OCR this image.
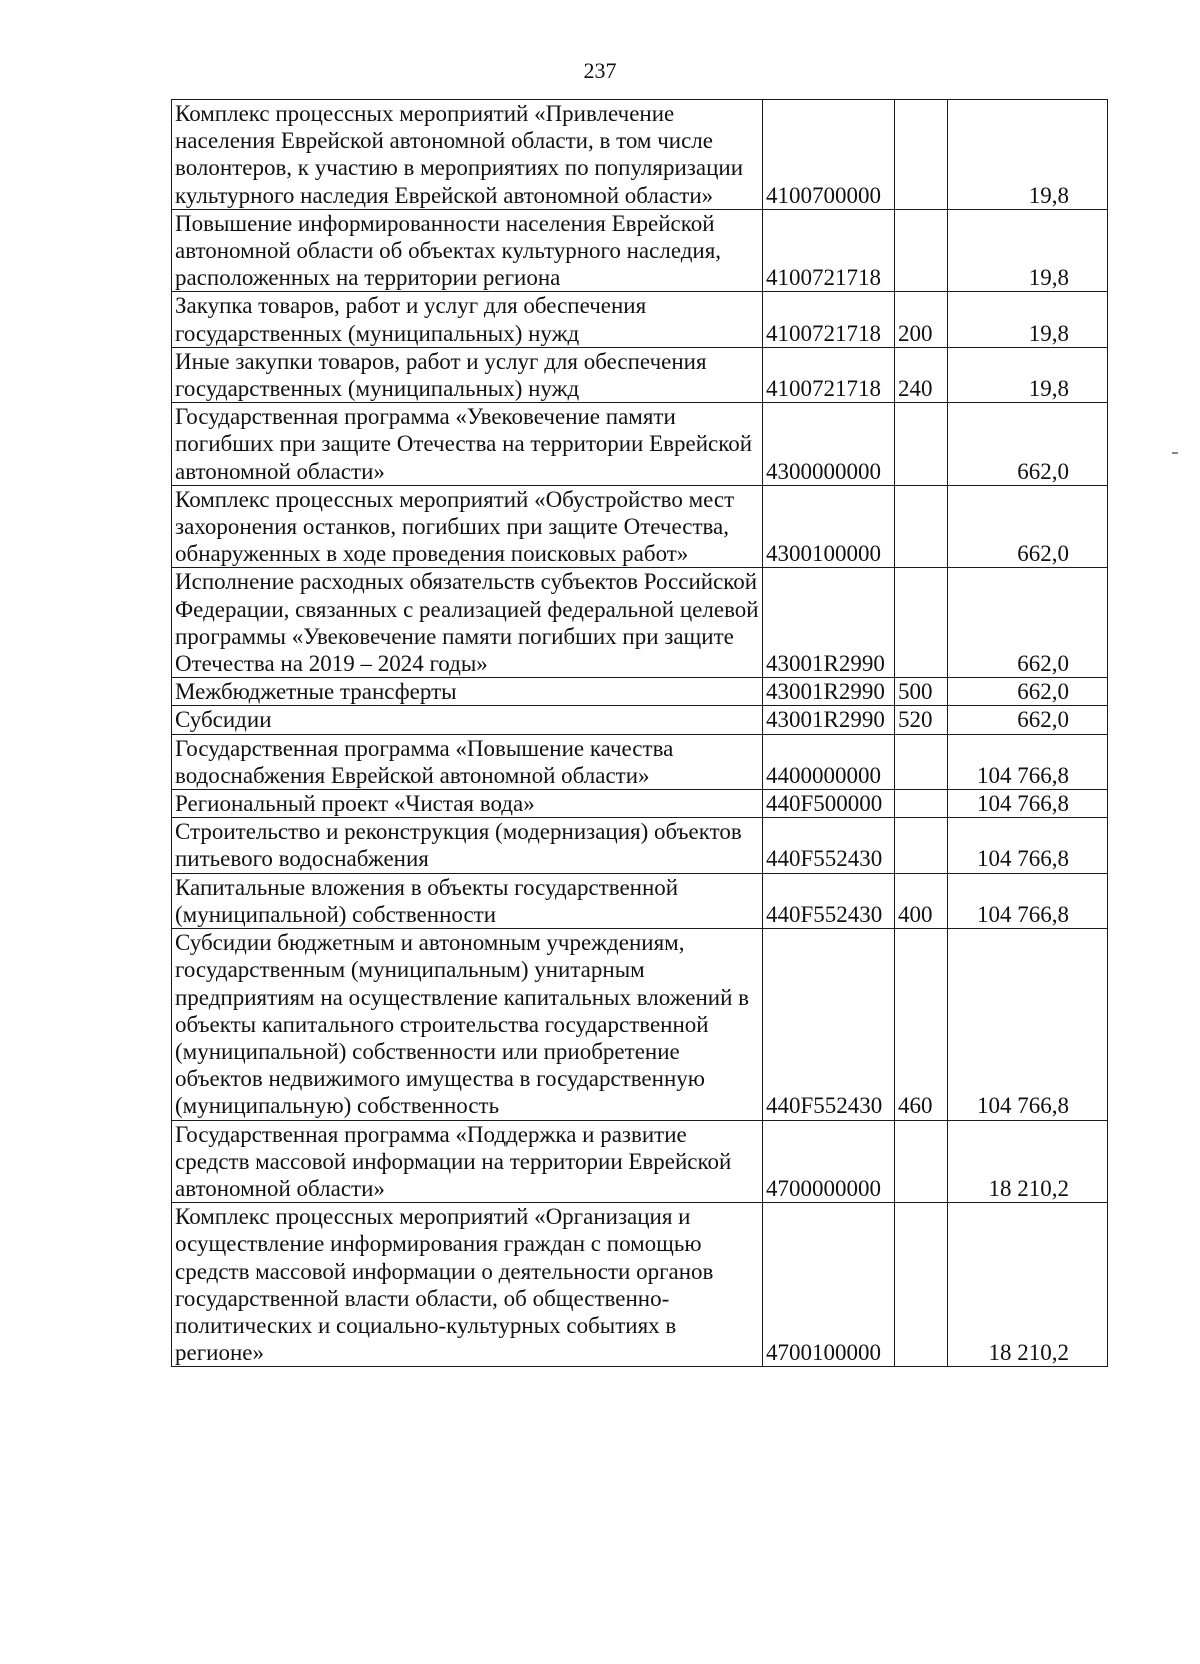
237
Комплекс процессных мероприятий «Привлечение населения Еврейской автономной области, в том числе волонтеров, к участию в мероприятиях по популяризации культурного наследия Еврейской автономной области»	4100700000		19,8
Повышение информированности населения Еврейской автономной области об объектах культурного наследия, расположенных на территории региона	4100721718		19,8
Закупка товаров, работ и услуг для обеспечения государственных (муниципальных) нужд	4100721718	200	19,8
Иные закупки товаров, работ и услуг для обеспечения государственных (муниципальных) нужд	4100721718	240	19,8
Государственная программа «Увековечение памяти погибших при защите Отечества на территории Еврейской автономной области»	4300000000		662,0
Комплекс процессных мероприятий «Обустройство мест захоронения останков, погибших при защите Отечества, обнаруженных в ходе проведения поисковых работ»	4300100000		662,0
Исполнение расходных обязательств субъектов Российской Федерации, связанных с реализацией федеральной целевой программы «Увековечение памяти погибших при защите Отечества на 2019 – 2024 годы»	43001R2990		662,0
Межбюджетные трансферты	43001R2990	500	662,0
Субсидии	43001R2990	520	662,0
Государственная программа «Повышение качества водоснабжения Еврейской автономной области»	4400000000		104 766,8
Региональный проект «Чистая вода»	440F500000		104 766,8
Строительство и реконструкция (модернизация) объектов питьевого водоснабжения	440F552430		104 766,8
Капитальные вложения в объекты государственной (муниципальной) собственности	440F552430	400	104 766,8
Субсидии бюджетным и автономным учреждениям, государственным (муниципальным) унитарным предприятиям на осуществление капитальных вложений в объекты капитального строительства государственной (муниципальной) собственности или приобретение объектов недвижимого имущества в государственную (муниципальную) собственность	440F552430	460	104 766,8
Государственная программа «Поддержка и развитие средств массовой информации на территории Еврейской автономной области»	4700000000		18 210,2
Комплекс процессных мероприятий «Организация и осуществление информирования граждан с помощью средств массовой информации о деятельности органов государственной власти области, об общественно-политических и социально-культурных событиях в регионе»	4700100000		18 210,2
